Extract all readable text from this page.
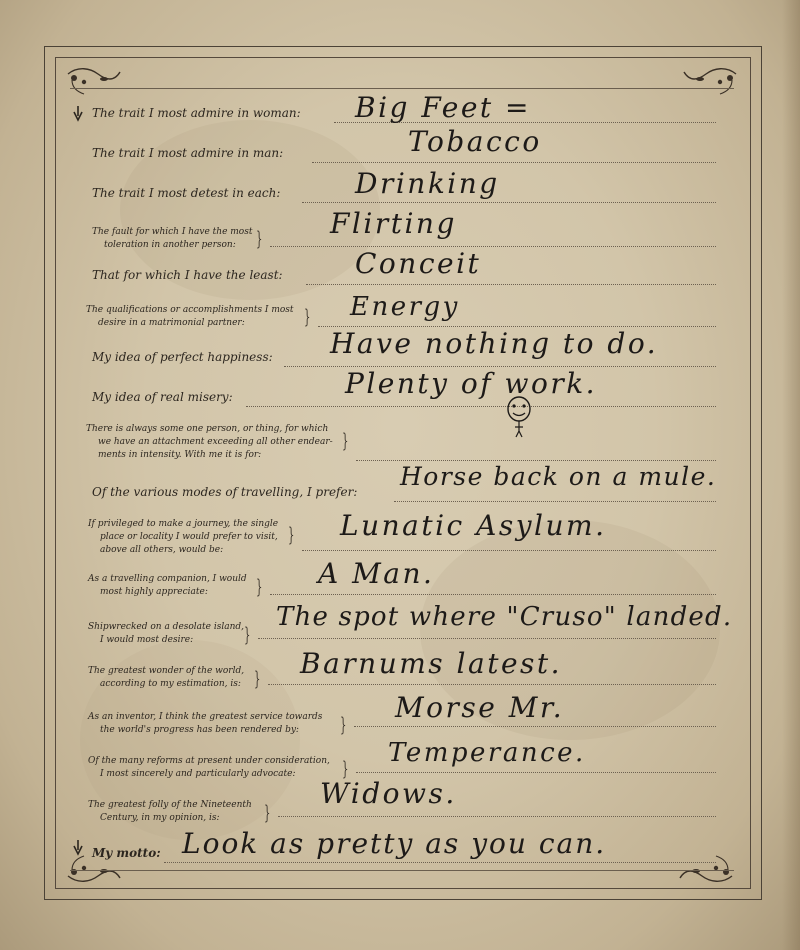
The trait I most admire in woman: Big Feet =
The trait I most admire in man:	Tobacco
The trait I most detest in each:	Drinking
The fault for which I have the most
toleration in another person: } Flirting
That for which I have the least:	Conceit
The qualifications or accomplishments I most
desire in a matrimonial partner:	} Energy
My idea of perfect happiness: Have nothing to do.
My idea of real misery:	Plenty of work.
There is always some one person, or thing, for which
we have an attachment exceeding all other endear-
ments in intensity. With me it is for:
}
Of the various modes of travelling, I prefer:
Horse back on a mule.
If privileged to make a journey, the single
place or locality I would prefer to visit,
above all others, would be:
} Lunatic Asylum.
As a travelling companion, I would
most highly appreciate: } A Man.
Shipwrecked on a desolate island,
I would most desire:	}
The spot where "Cruso" landed.
The greatest wonder of the world,
according to my estimation, is: } Barnums latest.
As an inventor, I think the greatest service towards
the world's progress has been rendered by: } Morse Mr.
Of the many reforms at present under consideration,
I most sincerely and particularly advocate: } Temperance.
The greatest folly of the Nineteenth
Century, in my opinion, is: }
Widows.
My motto: Look as pretty as you can.
